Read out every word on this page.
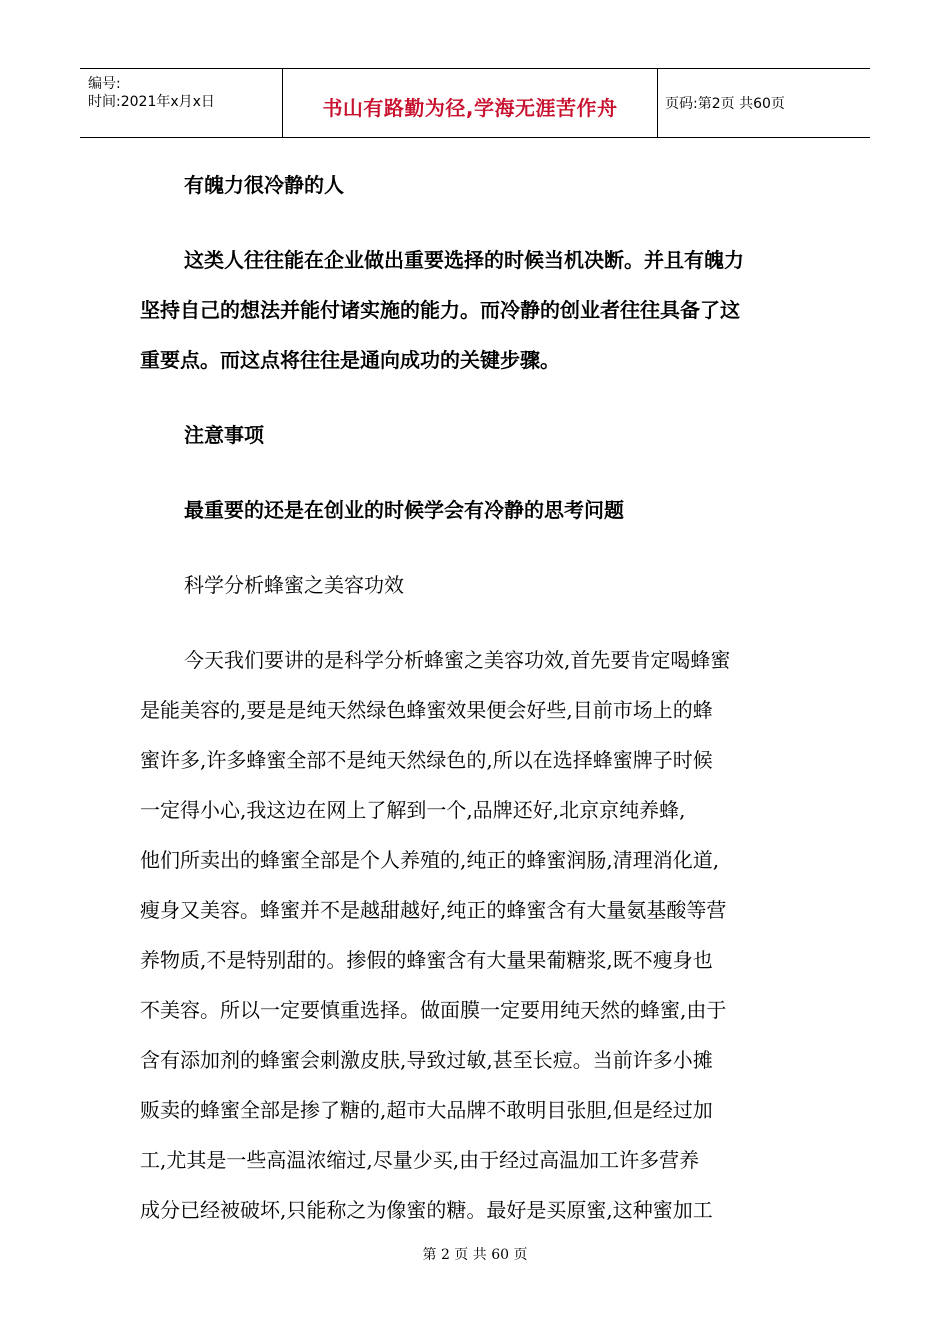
编号:
时间:2021年x月x日	书山有路勤为径,学海无涯苦作舟	页码:第2页 共60页

有魄力很冷静的人

这类人往往能在企业做出重要选择的时候当机决断。并且有魄力

坚持自己的想法并能付诸实施的能力。而冷静的创业者往往具备了这

重要点。而这点将往往是通向成功的关键步骤。

注意事项

最重要的还是在创业的时候学会有冷静的思考问题

科学分析蜂蜜之美容功效

今天我们要讲的是科学分析蜂蜜之美容功效,首先要肯定喝蜂蜜

是能美容的,要是是纯天然绿色蜂蜜效果便会好些,目前市场上的蜂

蜜许多,许多蜂蜜全部不是纯天然绿色的,所以在选择蜂蜜牌子时候

一定得小心,我这边在网上了解到一个,品牌还好,北京京纯养蜂,

他们所卖出的蜂蜜全部是个人养殖的,纯正的蜂蜜润肠,清理消化道,

瘦身又美容。蜂蜜并不是越甜越好,纯正的蜂蜜含有大量氨基酸等营

养物质,不是特别甜的。掺假的蜂蜜含有大量果葡糖浆,既不瘦身也

不美容。所以一定要慎重选择。做面膜一定要用纯天然的蜂蜜,由于

含有添加剂的蜂蜜会刺激皮肤,导致过敏,甚至长痘。当前许多小摊

贩卖的蜂蜜全部是掺了糖的,超市大品牌不敢明目张胆,但是经过加

工,尤其是一些高温浓缩过,尽量少买,由于经过高温加工许多营养

成分已经被破坏,只能称之为像蜜的糖。最好是买原蜜,这种蜜加工

第 2 页 共 60 页
